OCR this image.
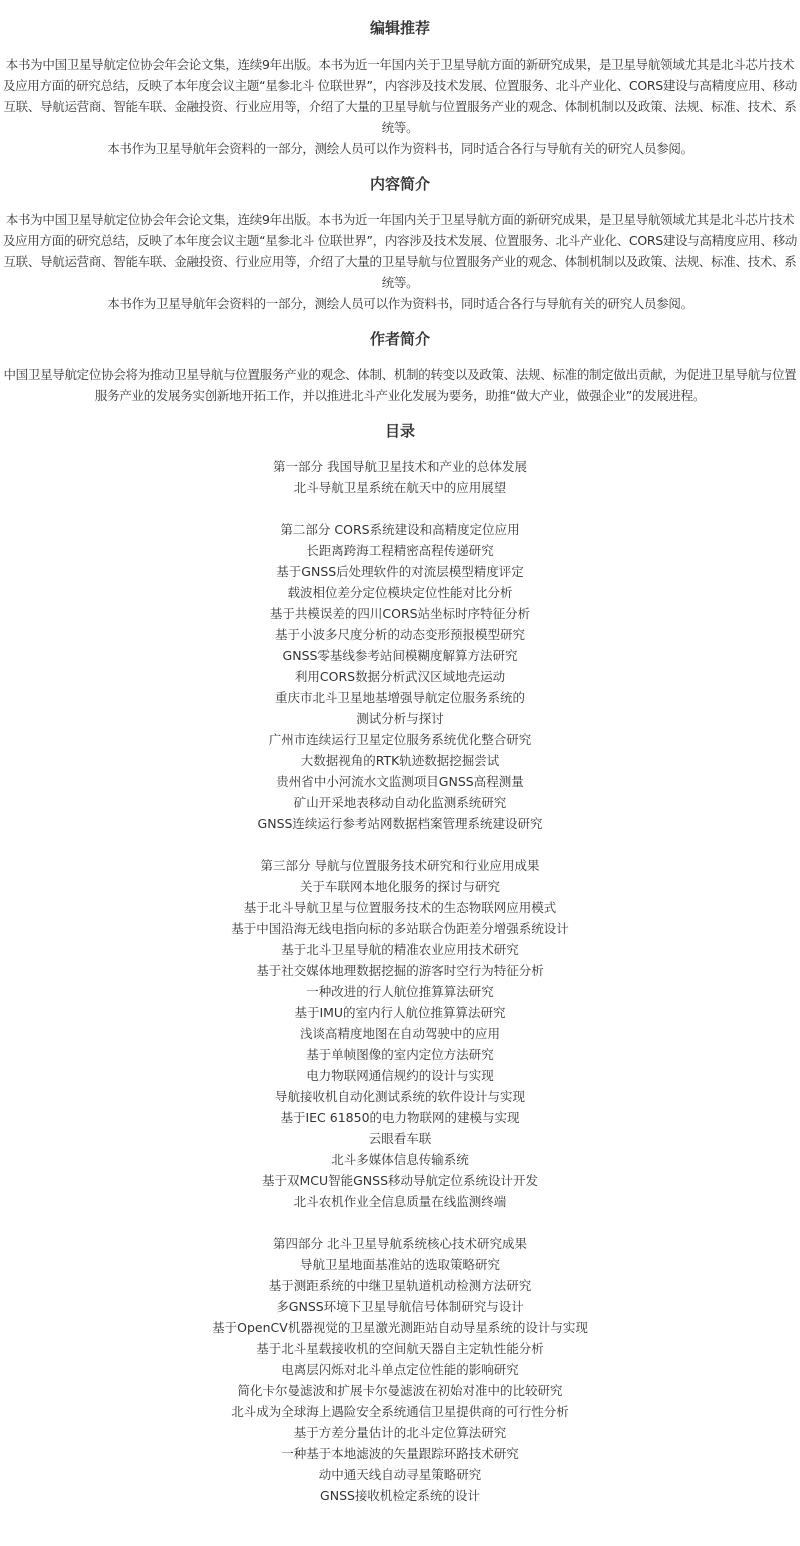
编辑推荐

本书为中国卫星导航定位协会年会论文集，连续9年出版。本书为近一年国内关于卫星导航方面的新研究成果，是卫星导航领域尤其是北斗芯片技术及应用方面的研究总结，反映了本年度会议主题“星参北斗 位联世界”，内容涉及技术发展、位置服务、北斗产业化、CORS建设与高精度应用、移动互联、导航运营商、智能车联、金融投资、行业应用等，介绍了大量的卫星导航与位置服务产业的观念、体制机制以及政策、法规、标准、技术、系统等。

本书作为卫星导航年会资料的一部分，测绘人员可以作为资料书，同时适合各行与导航有关的研究人员参阅。

内容简介

本书为中国卫星导航定位协会年会论文集，连续9年出版。本书为近一年国内关于卫星导航方面的新研究成果，是卫星导航领域尤其是北斗芯片技术及应用方面的研究总结，反映了本年度会议主题“星参北斗 位联世界”，内容涉及技术发展、位置服务、北斗产业化、CORS建设与高精度应用、移动互联、导航运营商、智能车联、金融投资、行业应用等，介绍了大量的卫星导航与位置服务产业的观念、体制机制以及政策、法规、标准、技术、系统等。

本书作为卫星导航年会资料的一部分，测绘人员可以作为资料书，同时适合各行与导航有关的研究人员参阅。

作者简介

中国卫星导航定位协会将为推动卫星导航与位置服务产业的观念、体制、机制的转变以及政策、法规、标准的制定做出贡献，为促进卫星导航与位置服务产业的发展务实创新地开拓工作，并以推进北斗产业化发展为要务，助推“做大产业，做强企业”的发展进程。

目录

第一部分 我国导航卫星技术和产业的总体发展

北斗导航卫星系统在航天中的应用展望

第二部分 CORS系统建设和高精度定位应用

长距离跨海工程精密高程传递研究

基于GNSS后处理软件的对流层模型精度评定

载波相位差分定位模块定位性能对比分析

基于共模误差的四川CORS站坐标时序特征分析

基于小波多尺度分析的动态变形预报模型研究

GNSS零基线参考站间模糊度解算方法研究

利用CORS数据分析武汉区域地壳运动

重庆市北斗卫星地基增强导航定位服务系统的

测试分析与探讨

广州市连续运行卫星定位服务系统优化整合研究

大数据视角的RTK轨迹数据挖掘尝试

贵州省中小河流水文监测项目GNSS高程测量

矿山开采地表移动自动化监测系统研究

GNSS连续运行参考站网数据档案管理系统建设研究

第三部分 导航与位置服务技术研究和行业应用成果

关于车联网本地化服务的探讨与研究

基于北斗导航卫星与位置服务技术的生态物联网应用模式

基于中国沿海无线电指向标的多站联合伪距差分增强系统设计

基于北斗卫星导航的精准农业应用技术研究

基于社交媒体地理数据挖掘的游客时空行为特征分析

一种改进的行人航位推算算法研究

基于IMU的室内行人航位推算算法研究

浅谈高精度地图在自动驾驶中的应用

基于单帧图像的室内定位方法研究

电力物联网通信规约的设计与实现

导航接收机自动化测试系统的软件设计与实现

基于IEC 61850的电力物联网的建模与实现

云眼看车联

北斗多媒体信息传输系统

基于双MCU智能GNSS移动导航定位系统设计开发

北斗农机作业全信息质量在线监测终端

第四部分 北斗卫星导航系统核心技术研究成果

导航卫星地面基准站的选取策略研究

基于测距系统的中继卫星轨道机动检测方法研究

多GNSS环境下卫星导航信号体制研究与设计

基于OpenCV机器视觉的卫星激光测距站自动导星系统的设计与实现

基于北斗星载接收机的空间航天器自主定轨性能分析

电离层闪烁对北斗单点定位性能的影响研究

简化卡尔曼滤波和扩展卡尔曼滤波在初始对准中的比较研究

北斗成为全球海上遇险安全系统通信卫星提供商的可行性分析

基于方差分量估计的北斗定位算法研究

一种基于本地滤波的矢量跟踪环路技术研究

动中通天线自动寻星策略研究

GNSS接收机检定系统的设计
